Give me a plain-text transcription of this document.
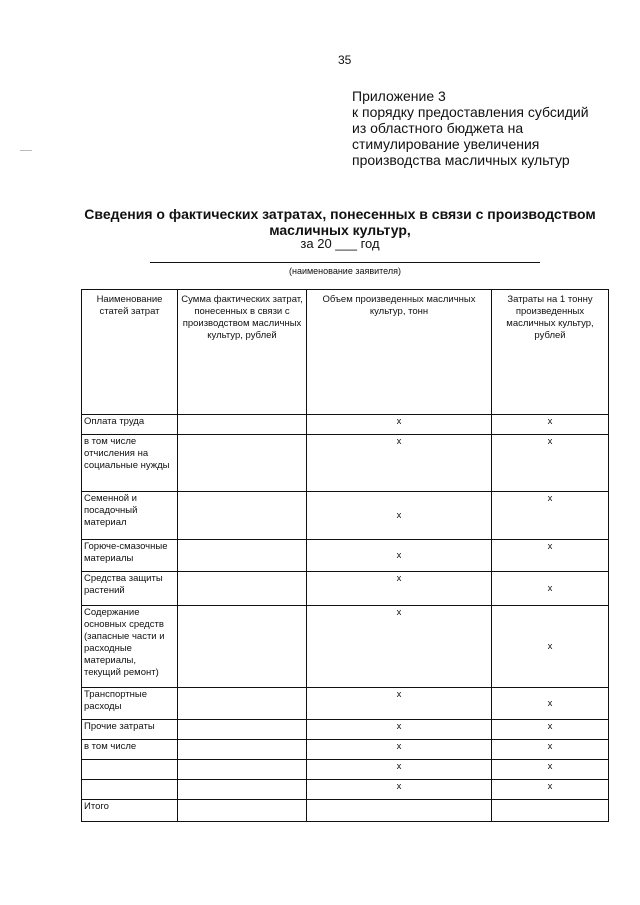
35
Приложение 3
к порядку предоставления субсидий
из областного бюджета на
стимулирование увеличения
производства масличных культур
Сведения о фактических затратах, понесенных в связи с производством
масличных культур,
за 20 ___ год
(наименование заявителя)
Наименование статей затрат	Сумма фактических затрат, понесенных в связи с производством масличных культур, рублей	Объем произведенных масличных культур, тонн	Затраты на 1 тонну произведенных масличных культур, рублей
Оплата труда		х	х
в том числе отчисления на социальные нужды		х	х
Семенной и посадочный материал		х	х
Горюче-смазочные материалы		х	х
Средства защиты растений		х	х
Содержание основных средств (запасные части и расходные материалы, текущий ремонт)		х	х
Транспортные расходы		х	х
Прочие затраты		х	х
в том числе		х	х
		х	х
		х	х
Итого			
